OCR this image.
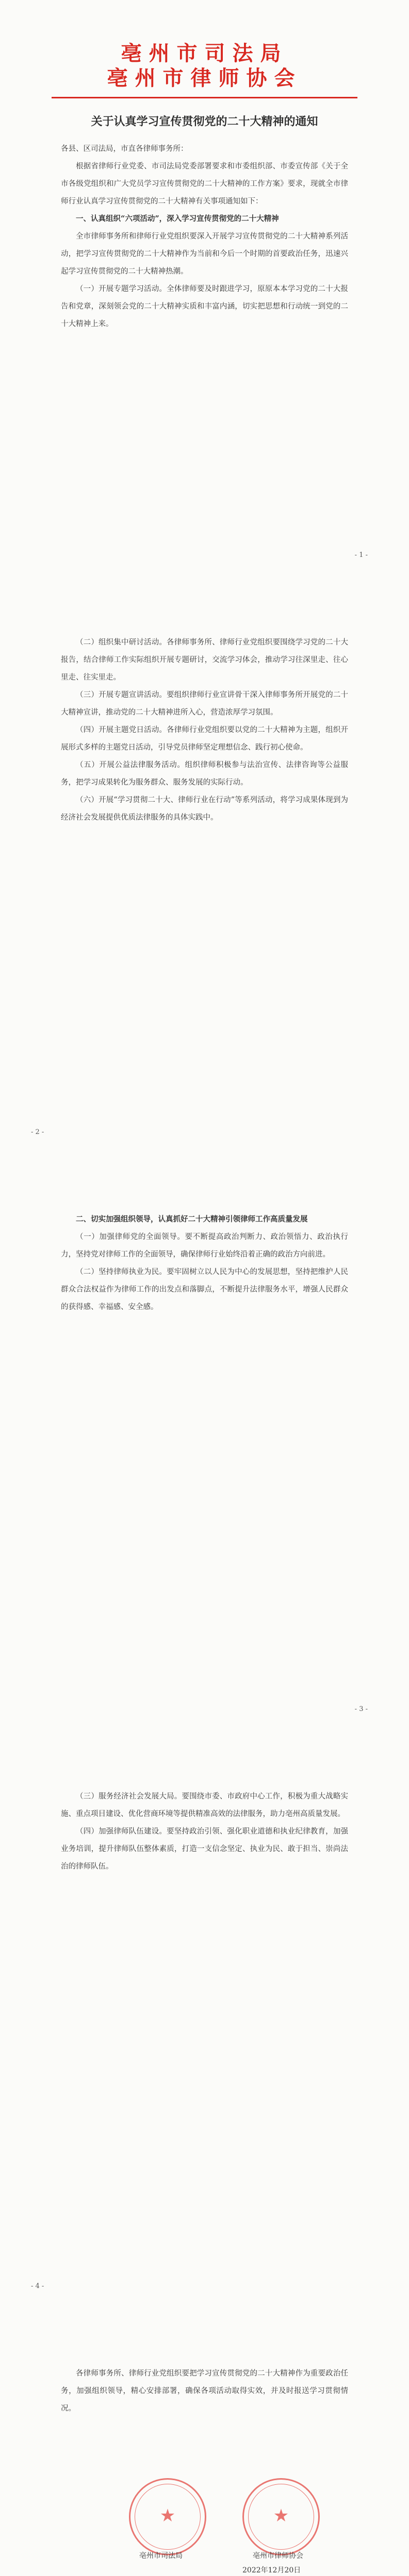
亳州市司法局
亳州市律师协会
关于认真学习宣传贯彻党的二十大精神的通知

各县、区司法局，市直各律师事务所：

根据省律师行业党委、市司法局党委部署要求和市委组织部、市委宣传部《关于全市各级党组织和广大党员学习宣传贯彻党的二十大精神的工作方案》要求，现就全市律师行业认真学习宣传贯彻党的二十大精神有关事项通知如下：

一、认真组织“六项活动”，深入学习宣传贯彻党的二十大精神

全市律师事务所和律师行业党组织要深入开展学习宣传贯彻党的二十大精神系列活动，把学习宣传贯彻党的二十大精神作为当前和今后一个时期的首要政治任务，迅速兴起学习宣传贯彻党的二十大精神热潮。

（一）开展专题学习活动。全体律师要及时跟进学习，原原本本学习党的二十大报告和党章，深刻领会党的二十大精神实质和丰富内涵，切实把思想和行动统一到党的二十大精神上来。

- 1 -

（二）组织集中研讨活动。各律师事务所、律师行业党组织要围绕学习党的二十大报告，结合律师工作实际组织开展专题研讨，交流学习体会，推动学习往深里走、往心里走、往实里走。

（三）开展专题宣讲活动。要组织律师行业宣讲骨干深入律师事务所开展党的二十大精神宣讲，推动党的二十大精神进所入心，营造浓厚学习氛围。

（四）开展主题党日活动。各律师行业党组织要以党的二十大精神为主题，组织开展形式多样的主题党日活动，引导党员律师坚定理想信念、践行初心使命。

（五）开展公益法律服务活动。组织律师积极参与法治宣传、法律咨询等公益服务，把学习成果转化为服务群众、服务发展的实际行动。

（六）开展“学习贯彻二十大、律师行业在行动”等系列活动，将学习成果体现到为经济社会发展提供优质法律服务的具体实践中。

- 2 -

二、切实加强组织领导，认真抓好二十大精神引领律师工作高质量发展

（一）加强律师党的全面领导。要不断提高政治判断力、政治领悟力、政治执行力，坚持党对律师工作的全面领导，确保律师行业始终沿着正确的政治方向前进。

（二）坚持律师执业为民。要牢固树立以人民为中心的发展思想，坚持把维护人民群众合法权益作为律师工作的出发点和落脚点，不断提升法律服务水平，增强人民群众的获得感、幸福感、安全感。

- 3 -

（三）服务经济社会发展大局。要围绕市委、市政府中心工作，积极为重大战略实施、重点项目建设、优化营商环境等提供精准高效的法律服务，助力亳州高质量发展。

（四）加强律师队伍建设。要坚持政治引领、强化职业道德和执业纪律教育，加强业务培训，提升律师队伍整体素质，打造一支信念坚定、执业为民、敢于担当、崇尚法治的律师队伍。

- 4 -

各律师事务所、律师行业党组织要把学习宣传贯彻党的二十大精神作为重要政治任务，加强组织领导，精心安排部署，确保各项活动取得实效，并及时报送学习贯彻情况。

★	★
亳州市司法局	亳州市律师协会
2022年12月20日
